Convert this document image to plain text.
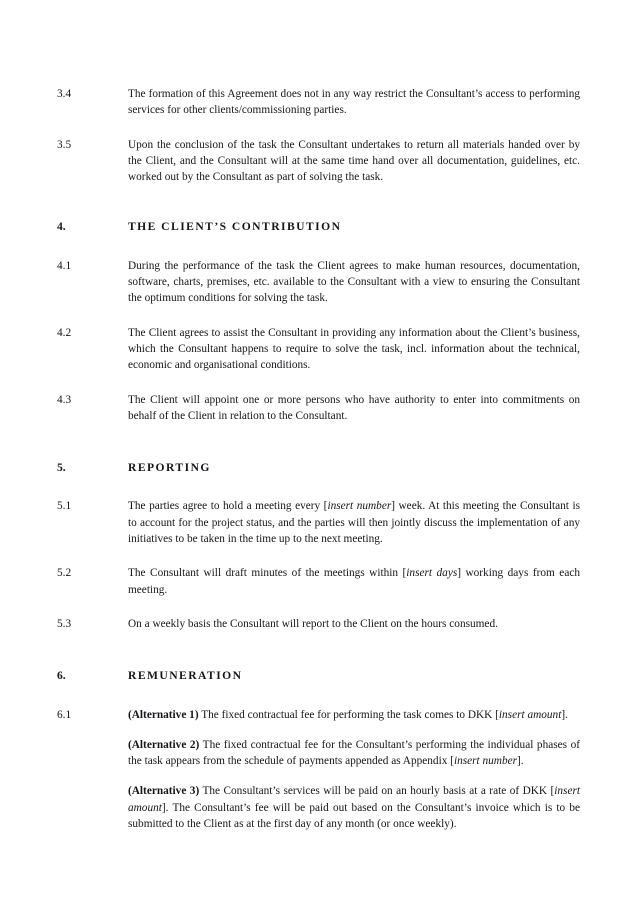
3.4	The formation of this Agreement does not in any way restrict the Consultant’s access to performing services for other clients/commissioning parties.

3.5	Upon the conclusion of the task the Consultant undertakes to return all materials handed over by the Client, and the Consultant will at the same time hand over all documentation, guidelines, etc. worked out by the Consultant as part of solving the task.

4.	THE CLIENT’S CONTRIBUTION
4.1	During the performance of the task the Client agrees to make human resources, documentation, software, charts, premises, etc. available to the Consultant with a view to ensuring the Consultant the optimum conditions for solving the task.

4.2	The Client agrees to assist the Consultant in providing any information about the Client’s business, which the Consultant happens to require to solve the task, incl. information about the technical, economic and organisational conditions.

4.3	The Client will appoint one or more persons who have authority to enter into commitments on behalf of the Client in relation to the Consultant.

5.	REPORTING
5.1	The parties agree to hold a meeting every [insert number] week. At this meeting the Consultant is to account for the project status, and the parties will then jointly discuss the implementation of any initiatives to be taken in the time up to the next meeting.

5.2	The Consultant will draft minutes of the meetings within [insert days] working days from each meeting.

5.3	On a weekly basis the Consultant will report to the Client on the hours consumed.

6.	REMUNERATION
6.1	(Alternative 1) The fixed contractual fee for performing the task comes to DKK [insert amount].

(Alternative 2) The fixed contractual fee for the Consultant’s performing the individual phases of the task appears from the schedule of payments appended as Appendix [insert number].

(Alternative 3) The Consultant’s services will be paid on an hourly basis at a rate of DKK [insert amount]. The Consultant’s fee will be paid out based on the Consultant’s invoice which is to be submitted to the Client as at the first day of any month (or once weekly).
